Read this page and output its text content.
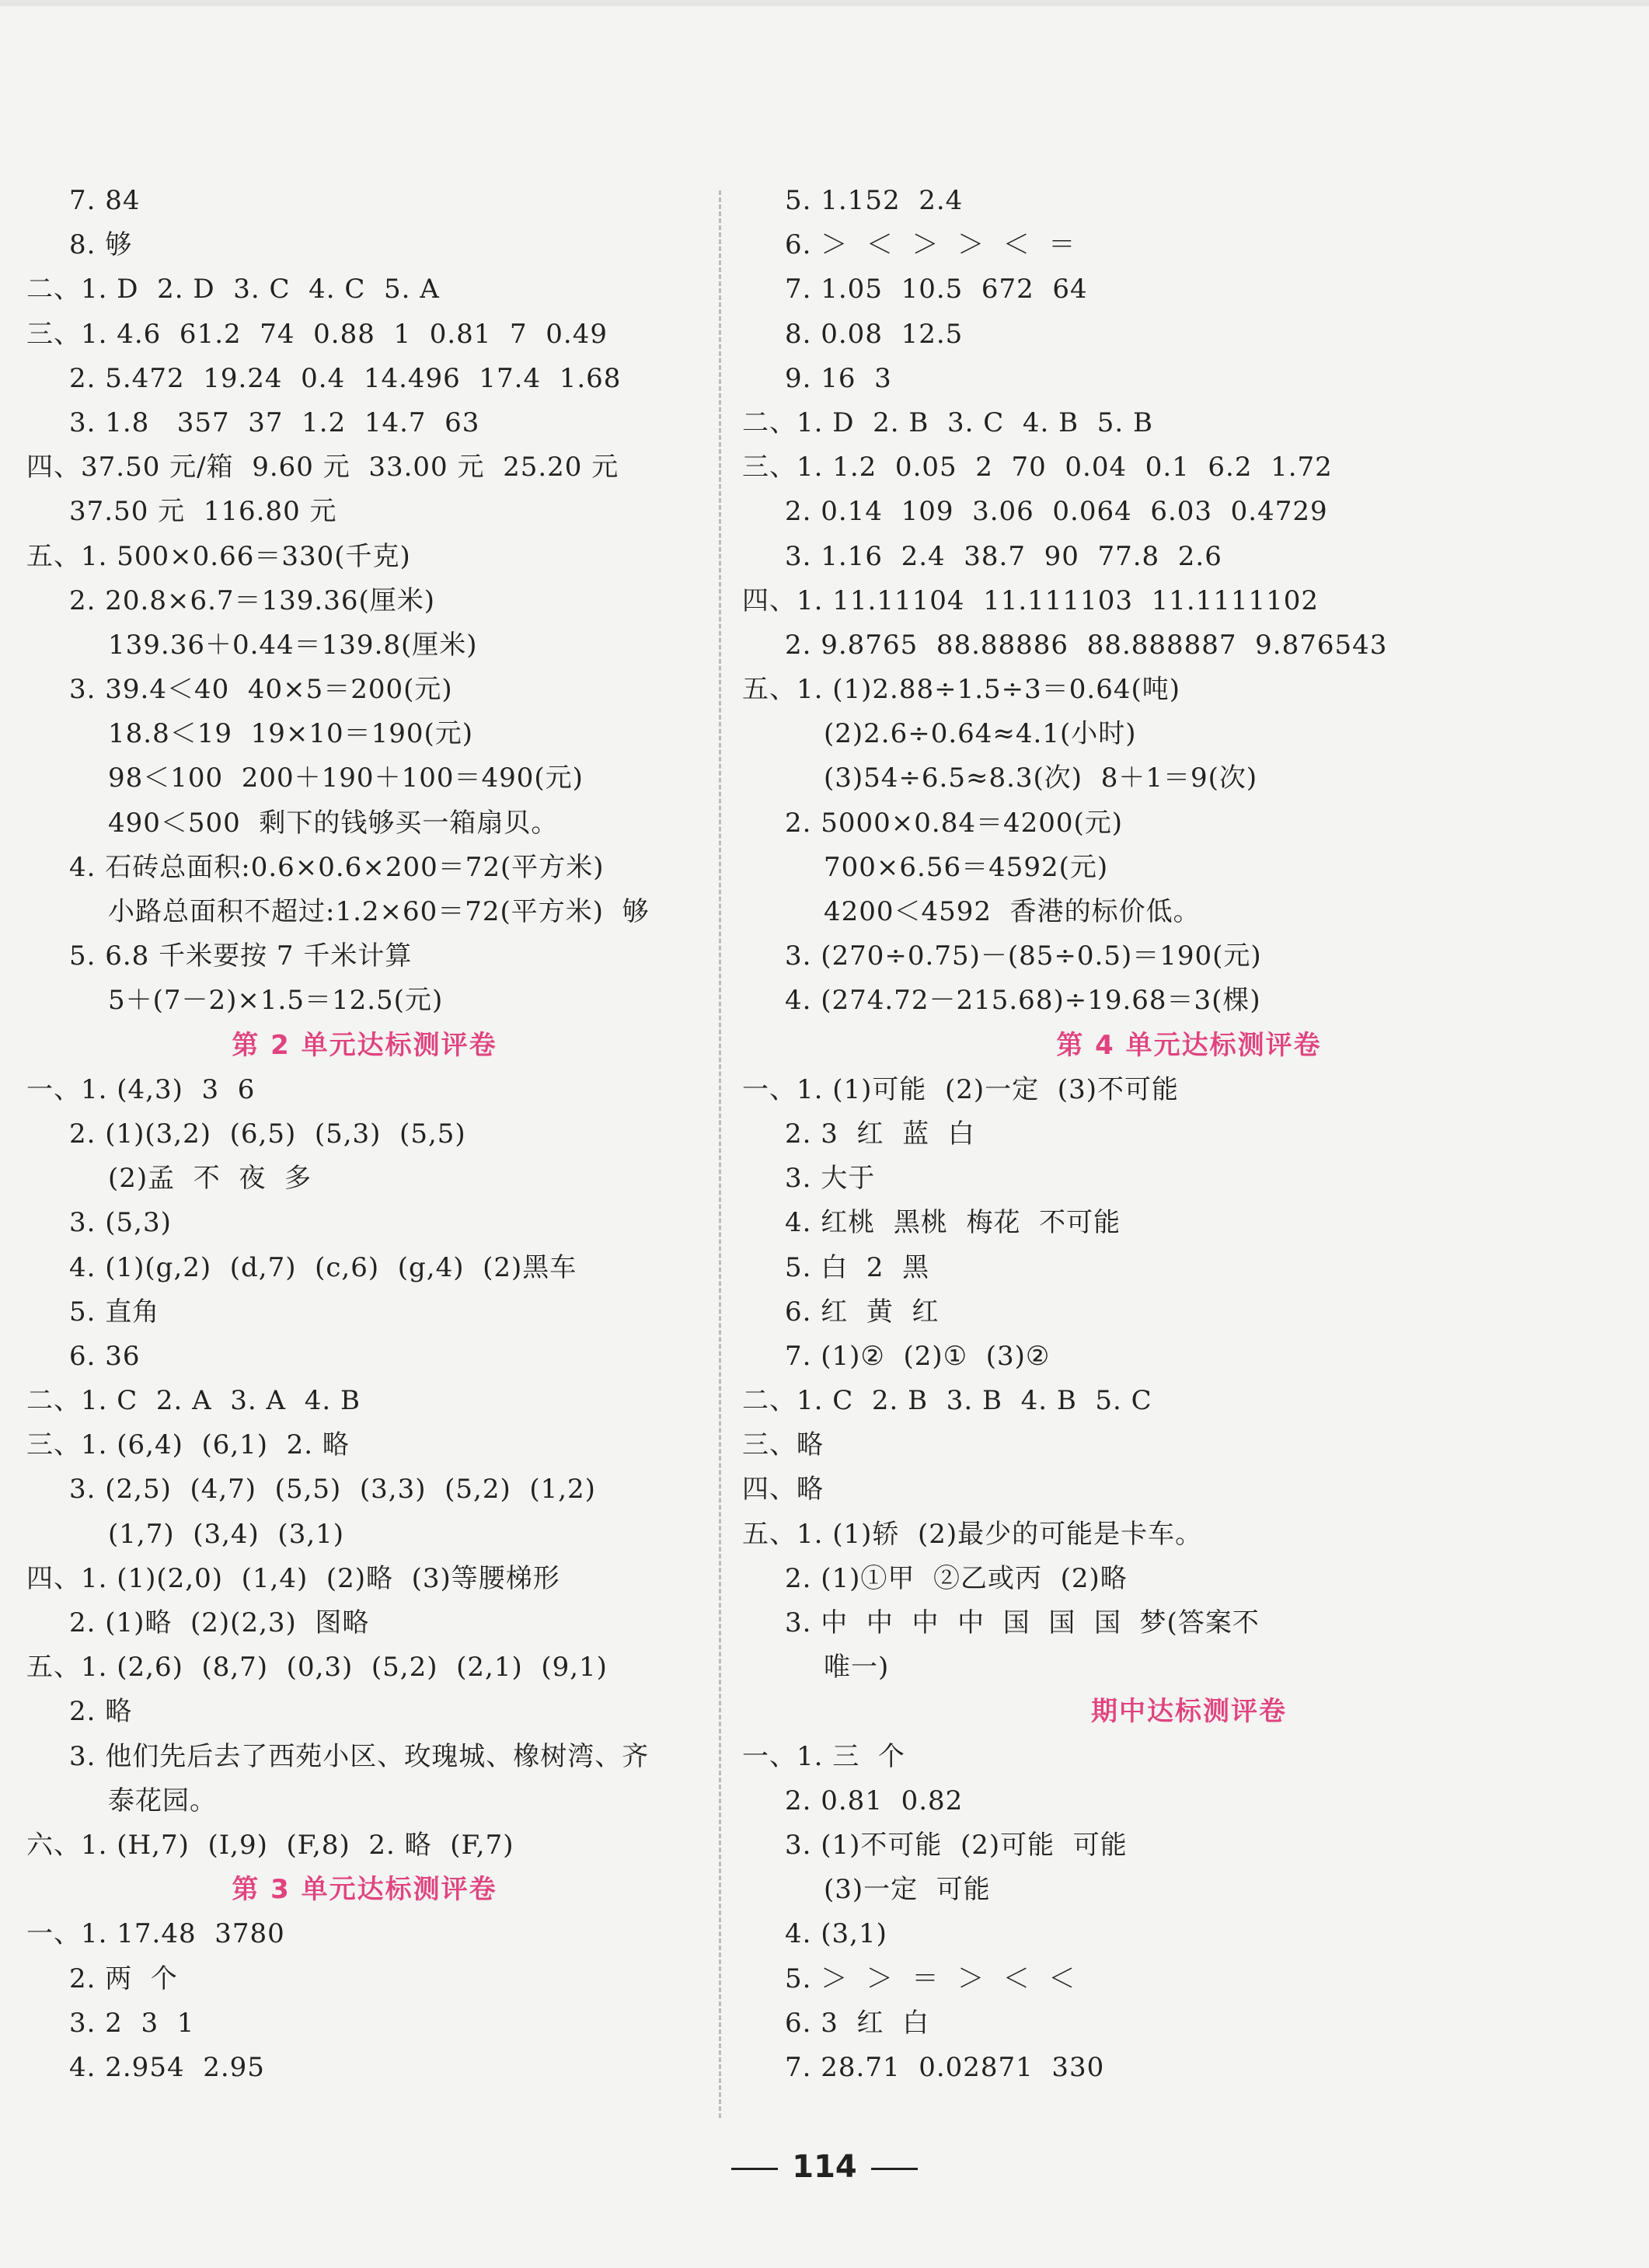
7. 84
8. 够
二、1. D  2. D  3. C  4. C  5. A
三、1. 4.6  61.2  74  0.88  1  0.81  7  0.49
2. 5.472  19.24  0.4  14.496  17.4  1.68
3. 1.8   357  37  1.2  14.7  63
四、37.50 元/箱  9.60 元  33.00 元  25.20 元
37.50 元  116.80 元
五、1. 500×0.66＝330(千克)
2. 20.8×6.7＝139.36(厘米)
139.36＋0.44＝139.8(厘米)
3. 39.4＜40  40×5＝200(元)
18.8＜19  19×10＝190(元)
98＜100  200＋190＋100＝490(元)
490＜500  剩下的钱够买一箱扇贝。
4. 石砖总面积:0.6×0.6×200＝72(平方米)
小路总面积不超过:1.2×60＝72(平方米)  够
5. 6.8 千米要按 7 千米计算
5＋(7－2)×1.5＝12.5(元)
第 2 单元达标测评卷
一、1. (4,3)  3  6
2. (1)(3,2)  (6,5)  (5,3)  (5,5)
(2)孟  不  夜  多
3. (5,3)
4. (1)(g,2)  (d,7)  (c,6)  (g,4)  (2)黑车
5. 直角
6. 36
二、1. C  2. A  3. A  4. B
三、1. (6,4)  (6,1)  2. 略
3. (2,5)  (4,7)  (5,5)  (3,3)  (5,2)  (1,2)
(1,7)  (3,4)  (3,1)
四、1. (1)(2,0)  (1,4)  (2)略  (3)等腰梯形
2. (1)略  (2)(2,3)  图略
五、1. (2,6)  (8,7)  (0,3)  (5,2)  (2,1)  (9,1)
2. 略
3. 他们先后去了西苑小区、玫瑰城、橡树湾、齐
泰花园。
六、1. (H,7)  (I,9)  (F,8)  2. 略  (F,7)
第 3 单元达标测评卷
一、1. 17.48  3780
2. 两  个
3. 2  3  1
4. 2.954  2.95
5. 1.152  2.4
6. ＞  ＜  ＞  ＞  ＜  ＝
7. 1.05  10.5  672  64
8. 0.08  12.5
9. 16  3
二、1. D  2. B  3. C  4. B  5. B
三、1. 1.2  0.05  2  70  0.04  0.1  6.2  1.72
2. 0.14  109  3.06  0.064  6.03  0.4729
3. 1.16  2.4  38.7  90  77.8  2.6
四、1. 11.11104  11.111103  11.1111102
2. 9.8765  88.88886  88.888887  9.876543
五、1. (1)2.88÷1.5÷3＝0.64(吨)
(2)2.6÷0.64≈4.1(小时)
(3)54÷6.5≈8.3(次)  8＋1＝9(次)
2. 5000×0.84＝4200(元)
700×6.56＝4592(元)
4200＜4592  香港的标价低。
3. (270÷0.75)－(85÷0.5)＝190(元)
4. (274.72－215.68)÷19.68＝3(棵)
第 4 单元达标测评卷
一、1. (1)可能  (2)一定  (3)不可能
2. 3  红  蓝  白
3. 大于
4. 红桃  黑桃  梅花  不可能
5. 白  2  黑
6. 红  黄  红
7. (1)②  (2)①  (3)②
二、1. C  2. B  3. B  4. B  5. C
三、略
四、略
五、1. (1)轿  (2)最少的可能是卡车。
2. (1)①甲  ②乙或丙  (2)略
3. 中  中  中  中  国  国  国  梦(答案不
唯一)
期中达标测评卷
一、1. 三  个
2. 0.81  0.82
3. (1)不可能  (2)可能  可能
(3)一定  可能
4. (3,1)
5. ＞  ＞  ＝  ＞  ＜  ＜
6. 3  红  白
7. 28.71  0.02871  330
114
